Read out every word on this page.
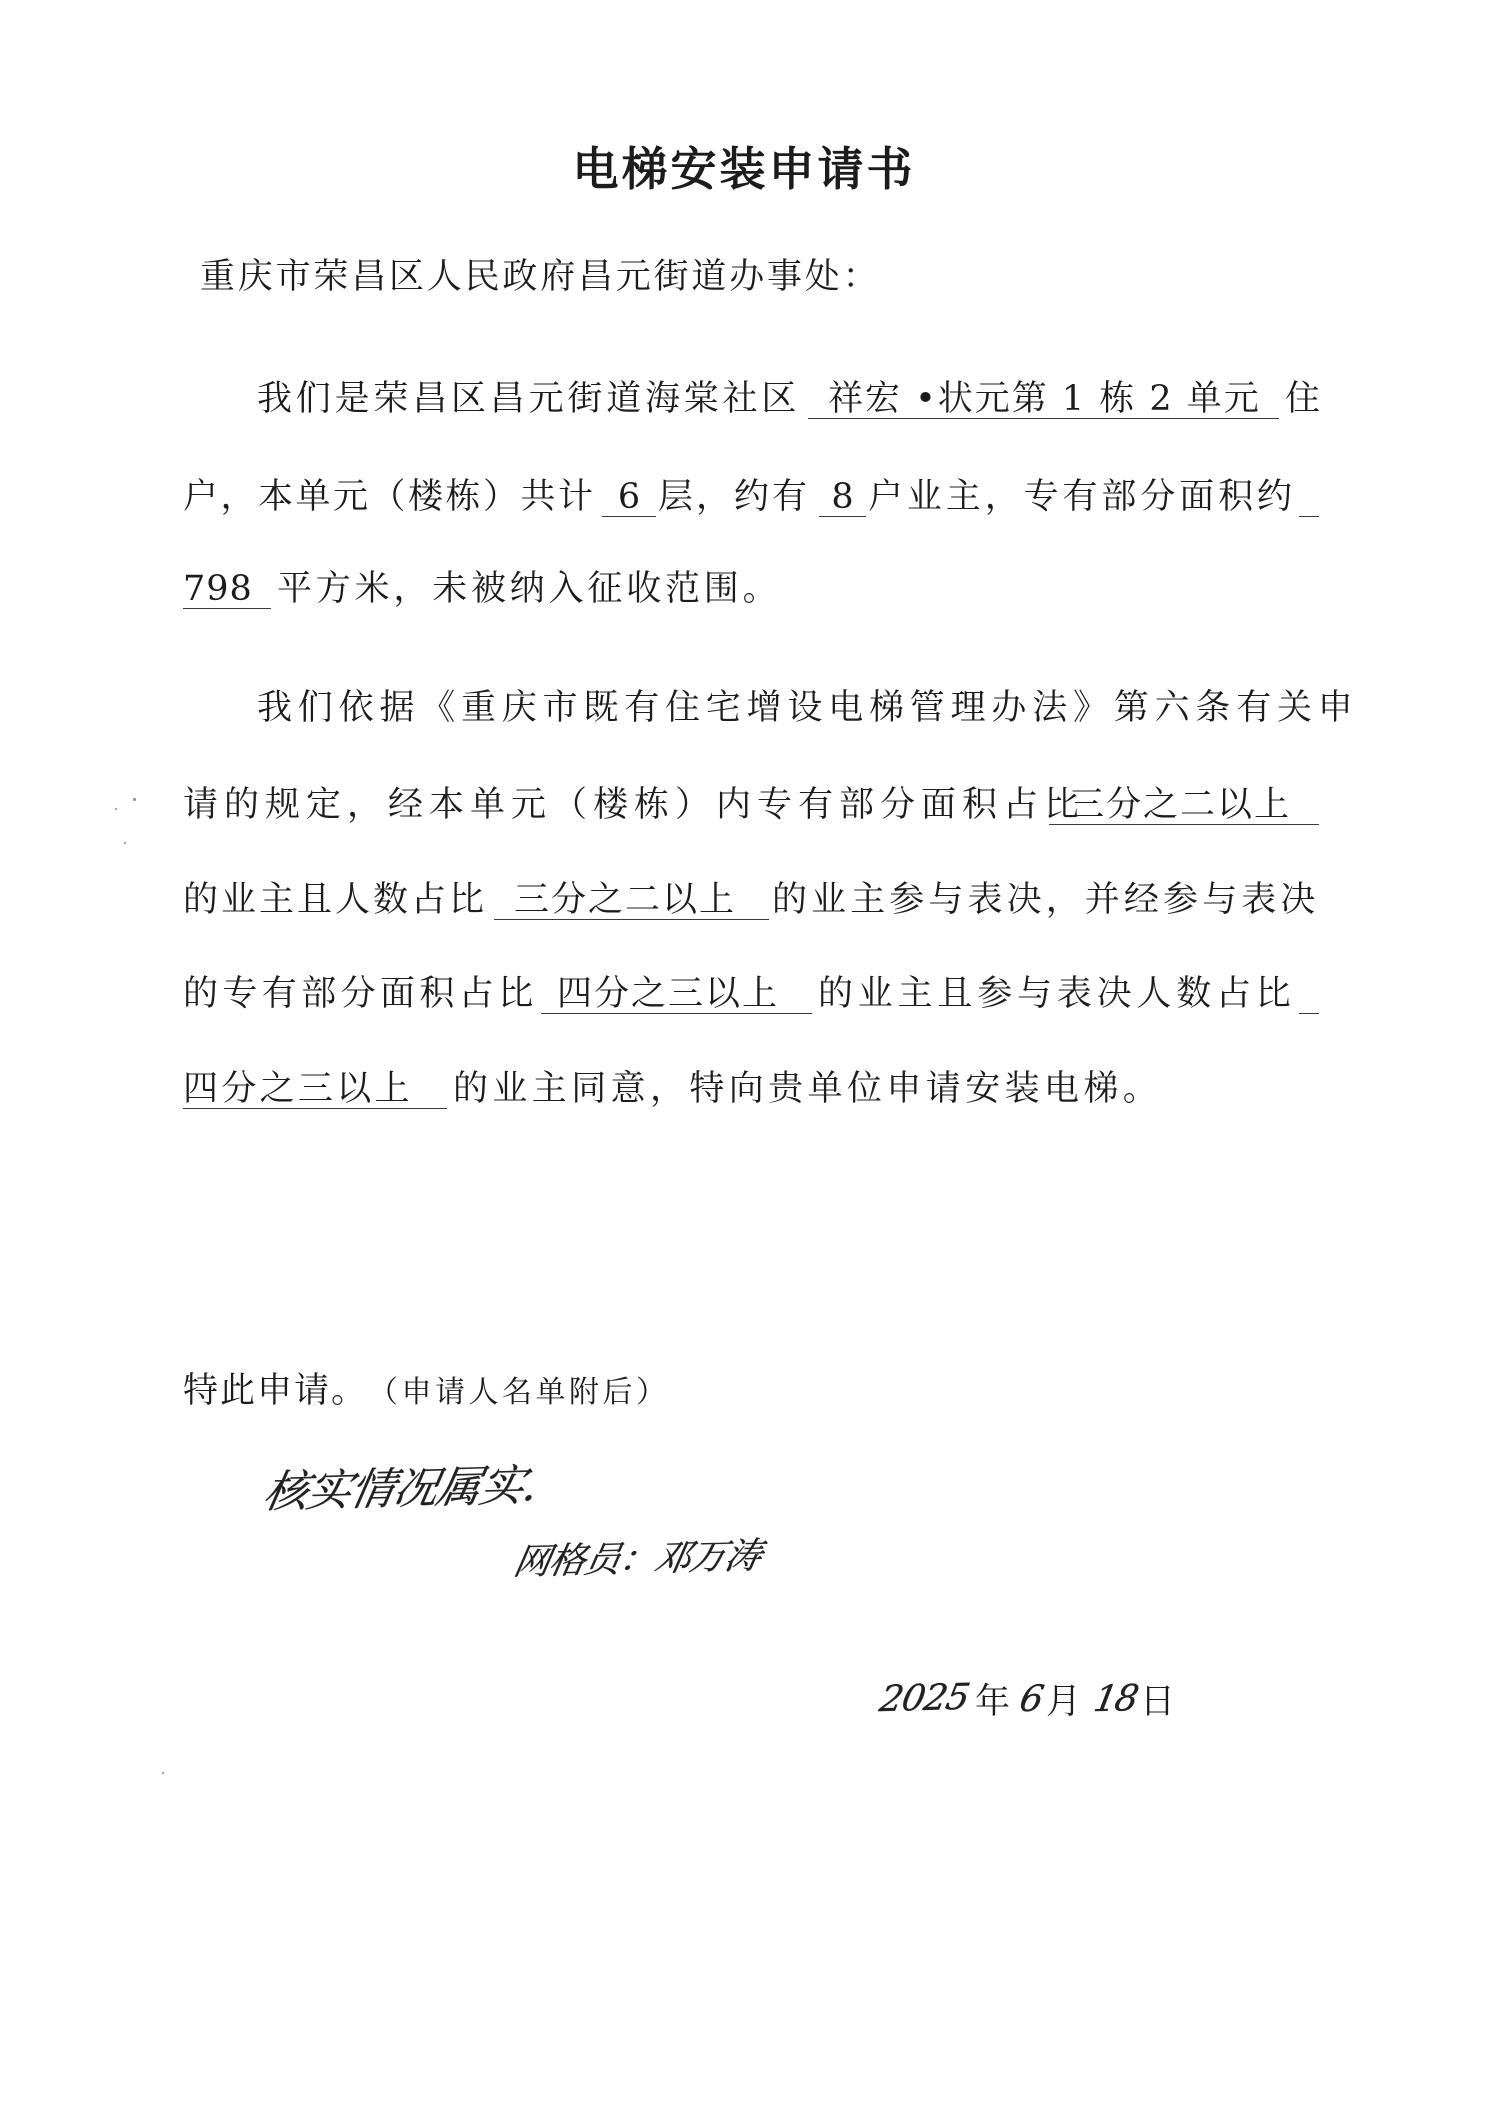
电梯安装申请书
重庆市荣昌区人民政府昌元街道办事处：
我们是荣昌区昌元街道海棠社区 祥宏 •状元第 1 栋 2 单元 住
户，本单元（楼栋）共计 6 层，约有 8 户业主，专有部分面积约
798 平方米，未被纳入征收范围。
我们依据《重庆市既有住宅增设电梯管理办法》第六条有关申
请的规定，经本单元（楼栋）内专有部分面积占比
三分之二以上
的业主且人数占比 三分之二以上	的业主参与表决，并经参与表决
的专有部分面积占比 四分之三以上	的业主且参与表决人数占比
四分之三以上	的业主同意，特向贵单位申请安装电梯。
特此申请。 （申请人名单附后）
核实情况属实.
网格员：邓万涛
2025 年 6 月 18 日
